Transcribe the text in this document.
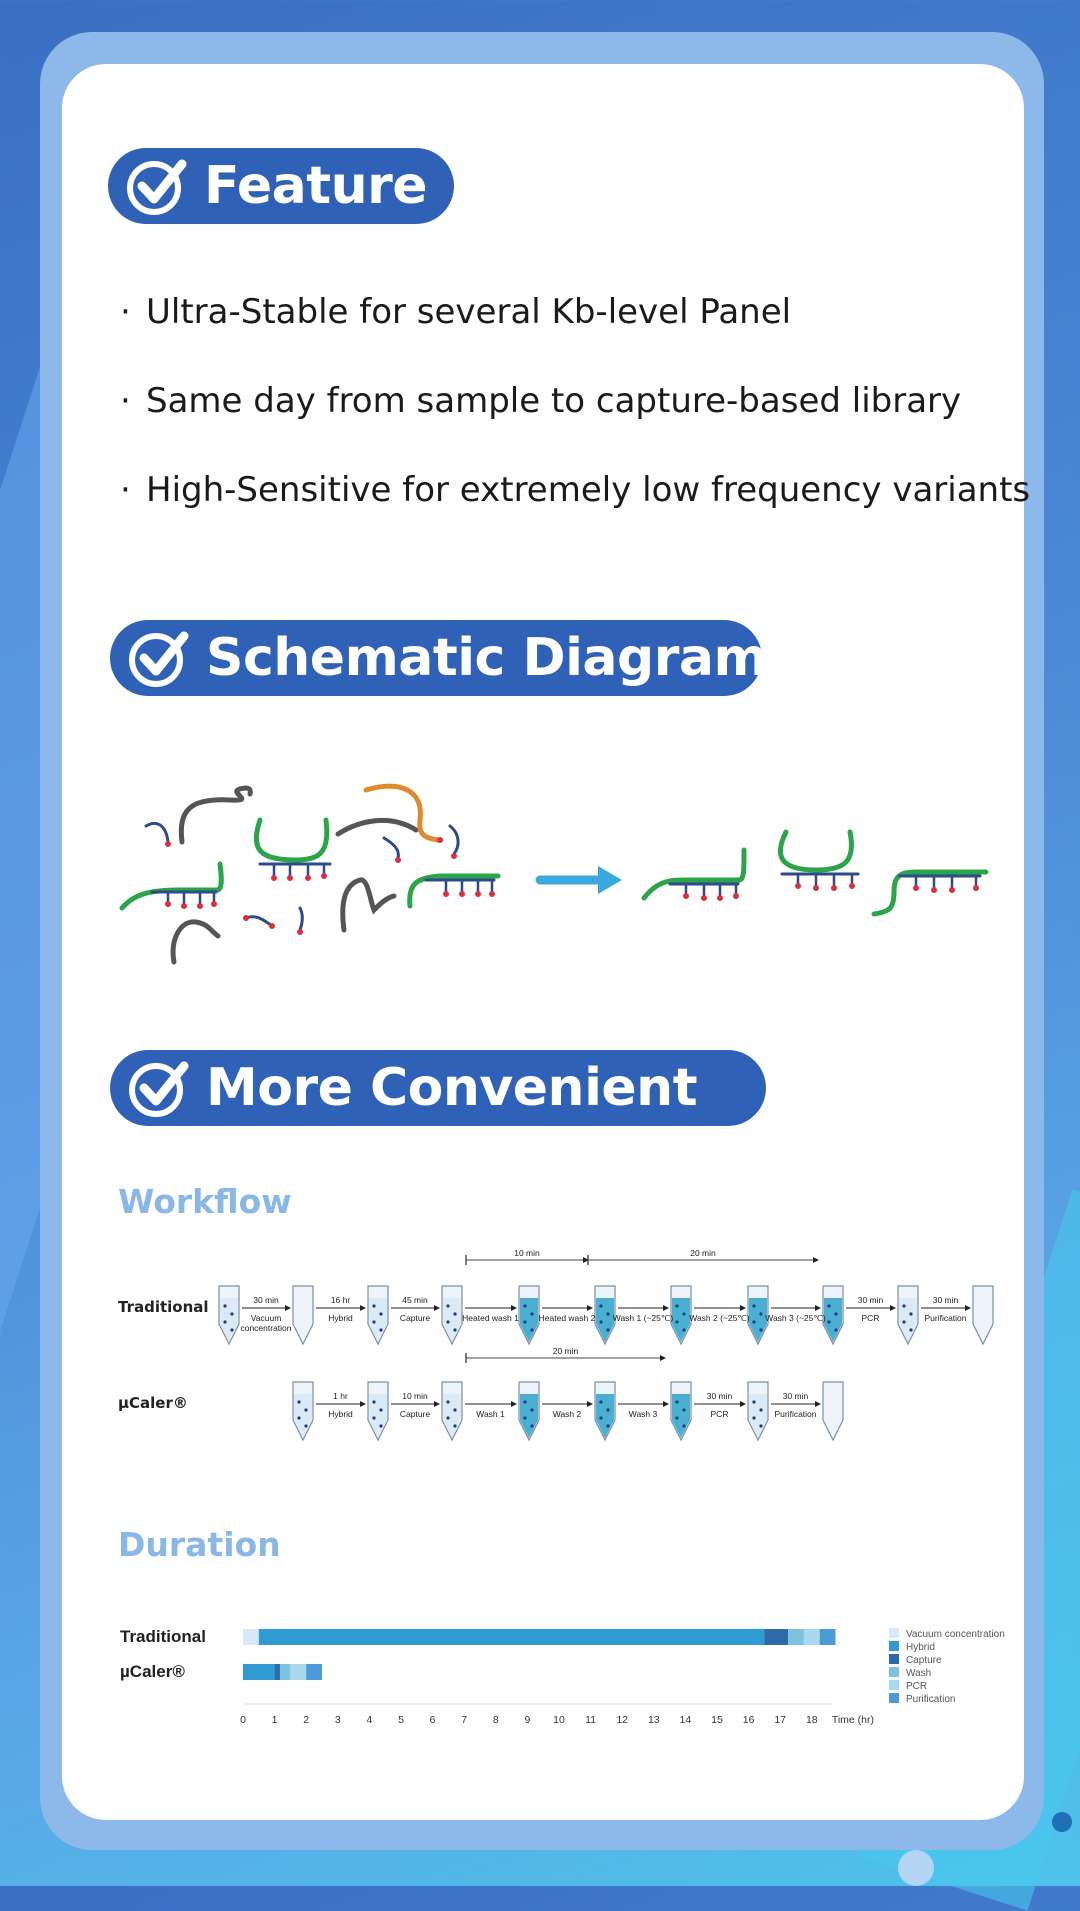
Feature
· Ultra-Stable for several Kb-level Panel
· Same day from sample to capture-based library
· High-Sensitive for extremely low frequency variants
Schematic Diagram
More Convenient
Workflow
Traditional
µCaler®
30 min
Vacuum
concentration
16 hr
Hybrid
45 min
Capture	Heated wash 1 Heated wash 2 Wash 1 (~25℃) Wash 2 (~25℃) Wash 3 (~25℃)
30 min
PCR
30 min
Purification
1 hr
Hybrid
10 min
Capture	Wash 1	Wash 2	Wash 3
30 min
PCR
30 min
Purification
10 min	20 min
20 min
Duration
Traditional
µCaler®
0 1 2 3 4 5 6 7 8 9 10 11 12 13 14 15 16 17 18 Time (hr)
Vacuum concentration
Hybrid
Capture
Wash
PCR
Purification
